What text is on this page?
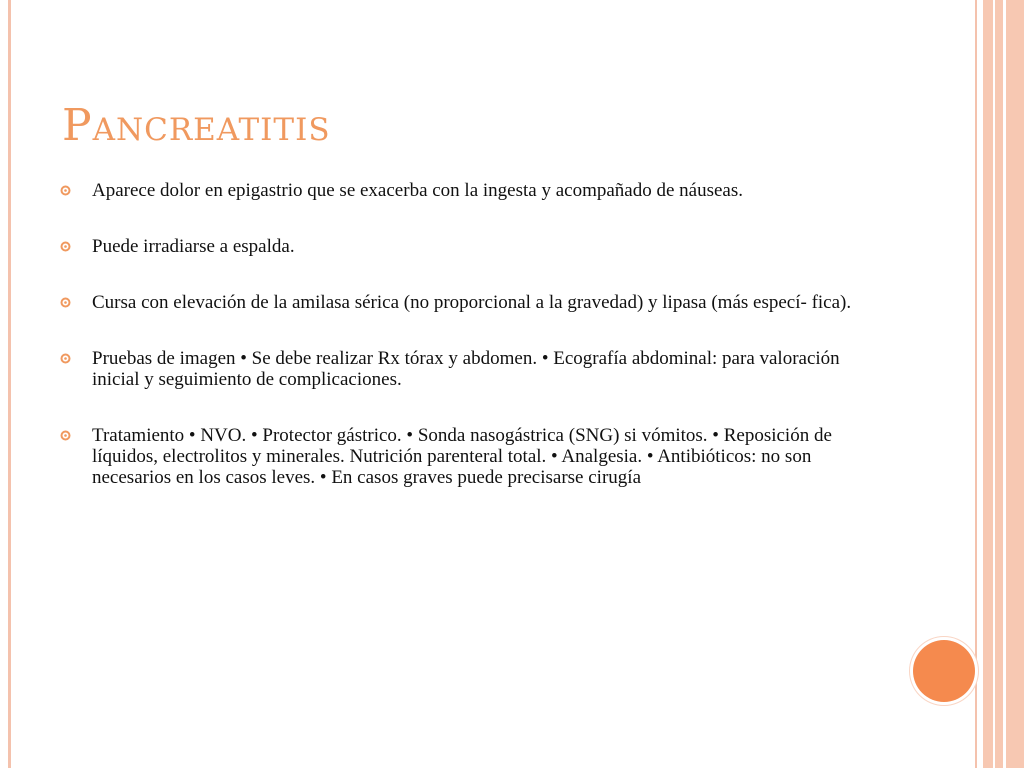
Pancreatitis
Aparece dolor en epigastrio que se exacerba con la ingesta y acompañado de náuseas.
Puede irradiarse a espalda.
Cursa con elevación de la amilasa sérica (no proporcional a la gravedad) y lipasa (más especí- fica).
Pruebas de imagen • Se debe realizar Rx tórax y abdomen. • Ecografía abdominal: para valoración inicial y seguimiento de complicaciones.
Tratamiento • NVO. • Protector gástrico. • Sonda nasogástrica (SNG) si vómitos. • Reposición de líquidos, electrolitos y minerales. Nutrición parenteral total. • Analgesia. • Antibióticos: no son necesarios en los casos leves. • En casos graves puede precisarse cirugía
